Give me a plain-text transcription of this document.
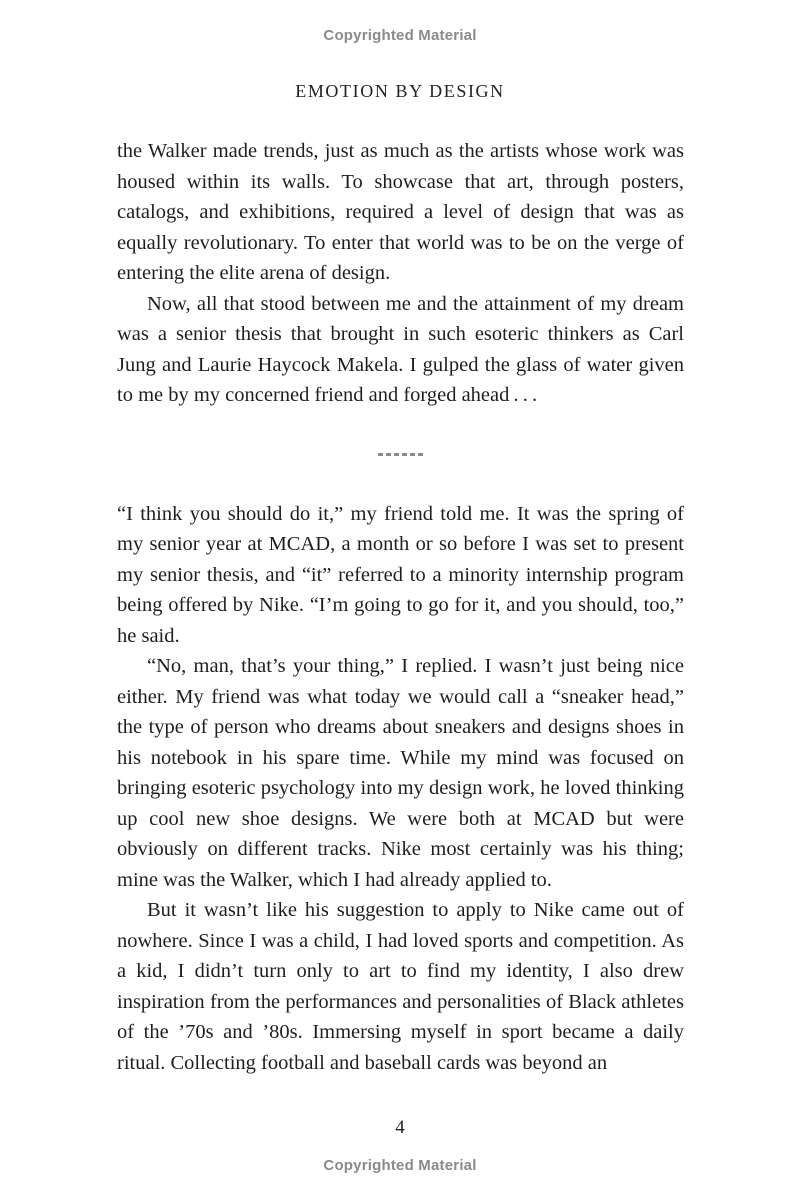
Copyrighted Material
EMOTION BY DESIGN

the Walker made trends, just as much as the artists whose work was housed within its walls. To showcase that art, through posters, catalogs, and exhibitions, required a level of design that was as equally revolutionary. To enter that world was to be on the verge of entering the elite arena of design.

Now, all that stood between me and the attainment of my dream was a senior thesis that brought in such esoteric thinkers as Carl Jung and Laurie Haycock Makela. I gulped the glass of water given to me by my concerned friend and forged ahead . . .

“I think you should do it,” my friend told me. It was the spring of my senior year at MCAD, a month or so before I was set to present my senior thesis, and “it” referred to a minority internship program being offered by Nike. “I’m going to go for it, and you should, too,” he said.

“No, man, that’s your thing,” I replied. I wasn’t just being nice either. My friend was what today we would call a “sneaker head,” the type of person who dreams about sneakers and designs shoes in his notebook in his spare time. While my mind was focused on bringing esoteric psychology into my design work, he loved thinking up cool new shoe designs. We were both at MCAD but were obviously on different tracks. Nike most certainly was his thing; mine was the Walker, which I had already applied to.

But it wasn’t like his suggestion to apply to Nike came out of nowhere. Since I was a child, I had loved sports and competition. As a kid, I didn’t turn only to art to find my identity, I also drew inspiration from the performances and personalities of Black athletes of the ’70s and ’80s. Immersing myself in sport became a daily ritual. Collecting football and baseball cards was beyond an

4
Copyrighted Material
